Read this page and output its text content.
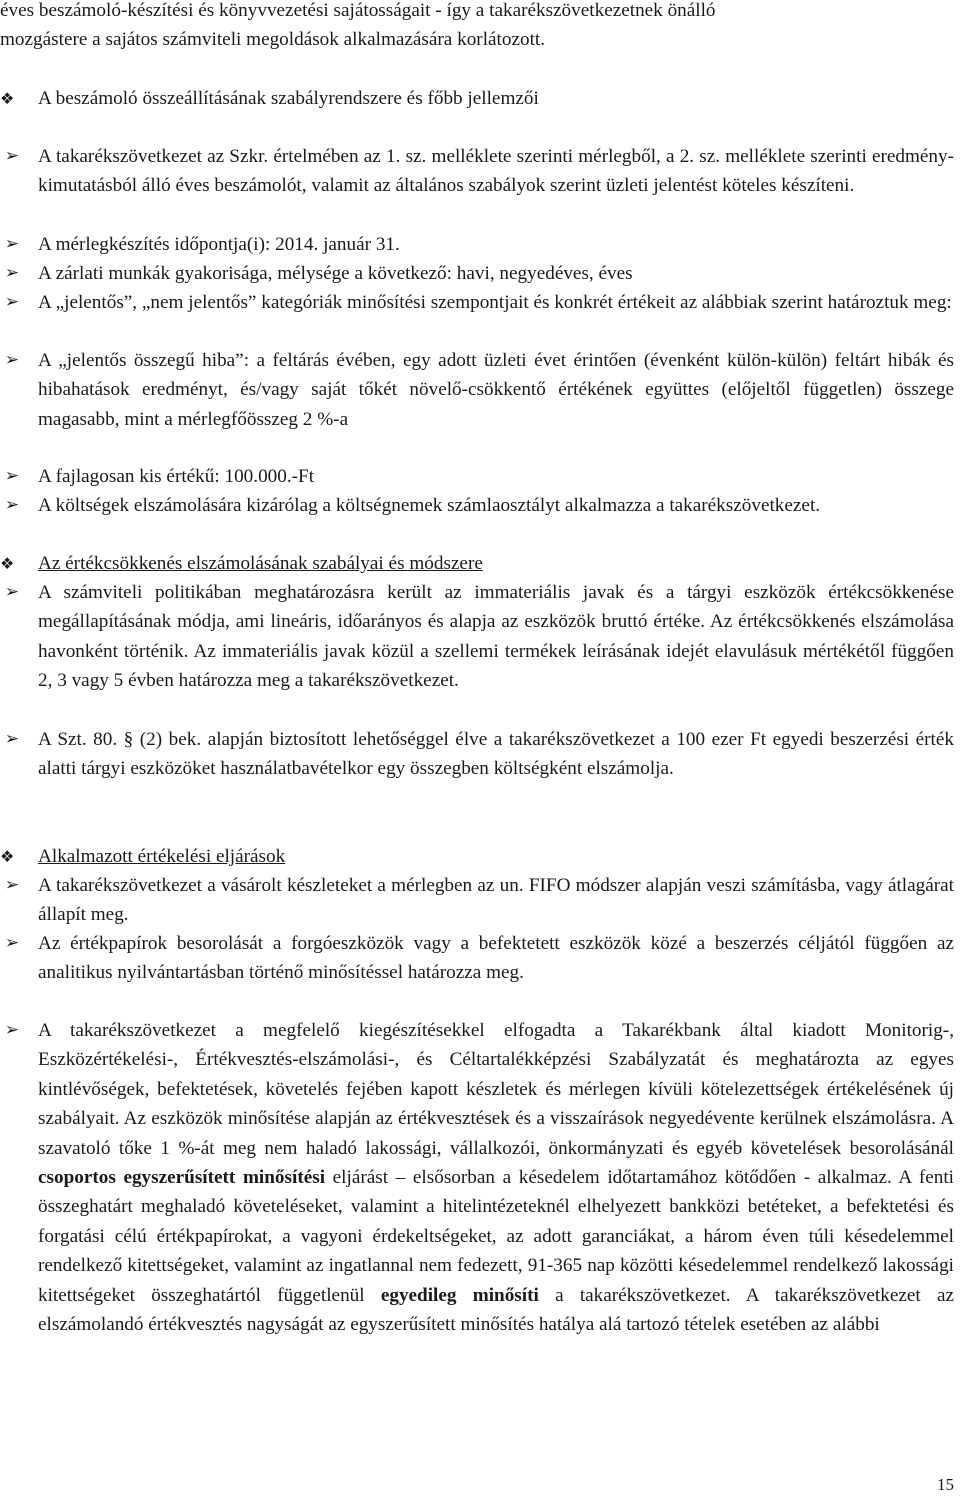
éves beszámoló-készítési és könyvvezetési sajátosságait - így a takarékszövetkezetnek önálló

mozgástere a sajátos számviteli megoldások alkalmazására korlátozott.

❖ A beszámoló összeállításának szabályrendszere és főbb jellemzői

➢ A takarékszövetkezet az Szkr. értelmében az 1. sz. melléklete szerinti mérlegből, a 2. sz. melléklete szerinti eredmény-kimutatásból álló éves beszámolót, valamit az általános szabályok szerint üzleti jelentést köteles készíteni.

➢ A mérlegkészítés időpontja(i): 2014. január 31.

➢ A zárlati munkák gyakorisága, mélysége a következő: havi, negyedéves, éves

➢ A „jelentős”, „nem jelentős” kategóriák minősítési szempontjait és konkrét értékeit az alábbiak szerint határoztuk meg:

➢ A „jelentős összegű hiba”: a feltárás évében, egy adott üzleti évet érintően (évenként külön-külön) feltárt hibák és hibahatások eredményt, és/vagy saját tőkét növelő-csökkentő értékének együttes (előjeltől független) összege magasabb, mint a mérlegfőösszeg 2 %-a

➢ A fajlagosan kis értékű: 100.000.-Ft

➢ A költségek elszámolására kizárólag a költségnemek számlaosztályt alkalmazza a takarékszövetkezet.

❖ Az értékcsökkenés elszámolásának szabályai és módszere

➢ A számviteli politikában meghatározásra került az immateriális javak és a tárgyi eszközök értékcsökkenése megállapításának módja, ami lineáris, időarányos és alapja az eszközök bruttó értéke. Az értékcsökkenés elszámolása havonként történik. Az immateriális javak közül a szellemi termékek leírásának idejét elavulásuk mértékétől függően 2, 3 vagy 5 évben határozza meg a takarékszövetkezet.

➢ A Szt. 80. § (2) bek. alapján biztosított lehetőséggel élve a takarékszövetkezet a 100 ezer Ft egyedi beszerzési érték alatti tárgyi eszközöket használatbavételkor egy összegben költségként elszámolja.

❖ Alkalmazott értékelési eljárások

➢ A takarékszövetkezet a vásárolt készleteket a mérlegben az un. FIFO módszer alapján veszi számításba, vagy átlagárat állapít meg.

➢ Az értékpapírok besorolását a forgóeszközök vagy a befektetett eszközök közé a beszerzés céljától függően az analitikus nyilvántartásban történő minősítéssel határozza meg.

➢ A takarékszövetkezet a megfelelő kiegészítésekkel elfogadta a Takarékbank által kiadott Monitorig-, Eszközértékelési-, Értékvesztés-elszámolási-, és Céltartalékképzési Szabályzatát és meghatározta az egyes kintlévőségek, befektetések, követelés fejében kapott készletek és mérlegen kívüli kötelezettségek értékelésének új szabályait. Az eszközök minősítése alapján az értékvesztések és a visszaírások negyedévente kerülnek elszámolásra. A szavatoló tőke 1 %-át meg nem haladó lakossági, vállalkozói, önkormányzati és egyéb követelések besorolásánál csoportos egyszerűsített minősítési eljárást – elsősorban a késedelem időtartamához kötődően - alkalmaz. A fenti összeghatárt meghaladó követeléseket, valamint a hitelintézeteknél elhelyezett bankközi betéteket, a befektetési és forgatási célú értékpapírokat, a vagyoni érdekeltségeket, az adott garanciákat, a három éven túli késedelemmel rendelkező kitettségeket, valamint az ingatlannal nem fedezett, 91-365 nap közötti késedelemmel rendelkező lakossági kitettségeket összeghatártól függetlenül egyedileg minősíti a takarékszövetkezet. A takarékszövetkezet az elszámolandó értékvesztés nagyságát az egyszerűsített minősítés hatálya alá tartozó tételek esetében az alábbi

15
